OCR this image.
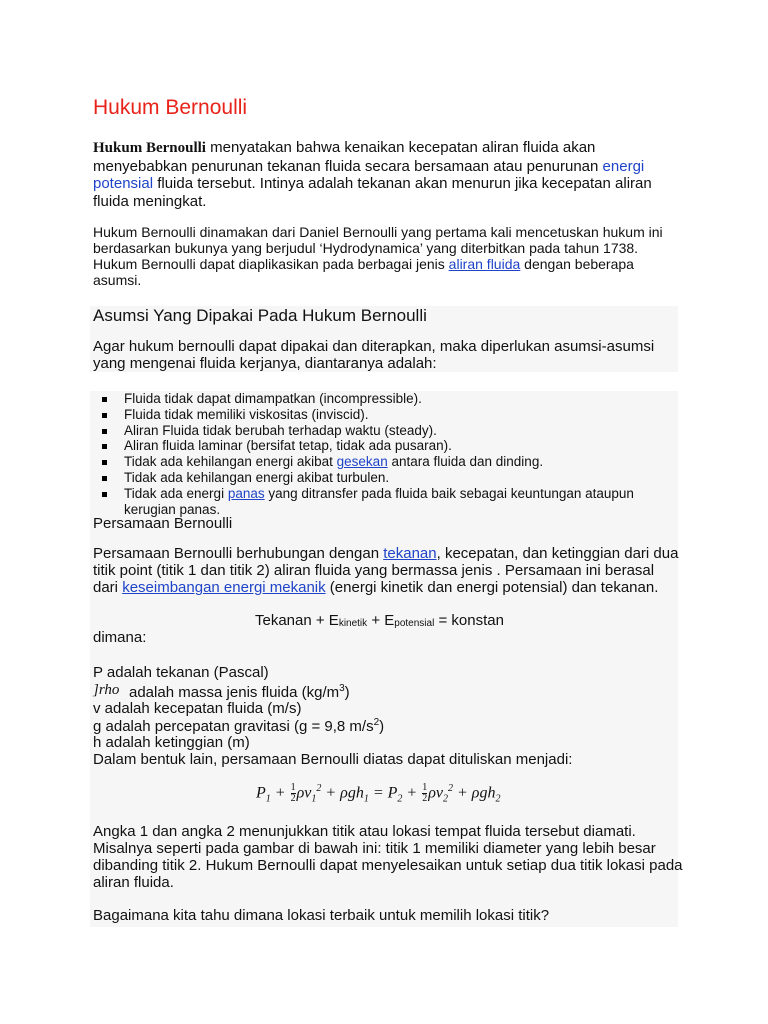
Hukum Bernoulli
Hukum Bernoulli menyatakan bahwa kenaikan kecepatan aliran fluida akan menyebabkan penurunan tekanan fluida secara bersamaan atau penurunan energi potensial fluida tersebut. Intinya adalah tekanan akan menurun jika kecepatan aliran fluida meningkat.
Hukum Bernoulli dinamakan dari Daniel Bernoulli yang pertama kali mencetuskan hukum ini berdasarkan bukunya yang berjudul ‘Hydrodynamica’ yang diterbitkan pada tahun 1738. Hukum Bernoulli dapat diaplikasikan pada berbagai jenis aliran fluida dengan beberapa asumsi.
Asumsi Yang Dipakai Pada Hukum Bernoulli
Agar hukum bernoulli dapat dipakai dan diterapkan, maka diperlukan asumsi-asumsi yang mengenai fluida kerjanya, diantaranya adalah:
Fluida tidak dapat dimampatkan (incompressible).
Fluida tidak memiliki viskositas (inviscid).
Aliran Fluida tidak berubah terhadap waktu (steady).
Aliran fluida laminar (bersifat tetap, tidak ada pusaran).
Tidak ada kehilangan energi akibat gesekan antara fluida dan dinding.
Tidak ada kehilangan energi akibat turbulen.
Tidak ada energi panas yang ditransfer pada fluida baik sebagai keuntungan ataupun kerugian panas.
Persamaan Bernoulli
Persamaan Bernoulli berhubungan dengan tekanan, kecepatan, dan ketinggian dari dua titik point (titik 1 dan titik 2) aliran fluida yang bermassa jenis . Persamaan ini berasal dari keseimbangan energi mekanik (energi kinetik dan energi potensial) dan tekanan.
Tekanan + $E_{kinetik} + E_{potensial}$ = konstan
dimana:
P adalah tekanan (Pascal)
]rho adalah massa jenis fluida $(kg/m^3)$
v adalah kecepatan fluida (m/s)
g adalah percepatan gravitasi (g = 9,8 $m/s^2$)
h adalah ketinggian (m)
Dalam bentuk lain, persamaan Bernoulli diatas dapat dituliskan menjadi:
$P_1 + \frac{1}{2} \rho v_1^2 + \rho gh_1 = P_2 + \frac{1}{2} \rho v_2^2 + \rho gh_2$
Angka 1 dan angka 2 menunjukkan titik atau lokasi tempat fluida tersebut diamati. Misalnya seperti pada gambar di bawah ini: titik 1 memiliki diameter yang lebih besar dibanding titik 2. Hukum Bernoulli dapat menyelesaikan untuk setiap dua titik lokasi pada aliran fluida.
Bagaimana kita tahu dimana lokasi terbaik untuk memilih lokasi titik?
